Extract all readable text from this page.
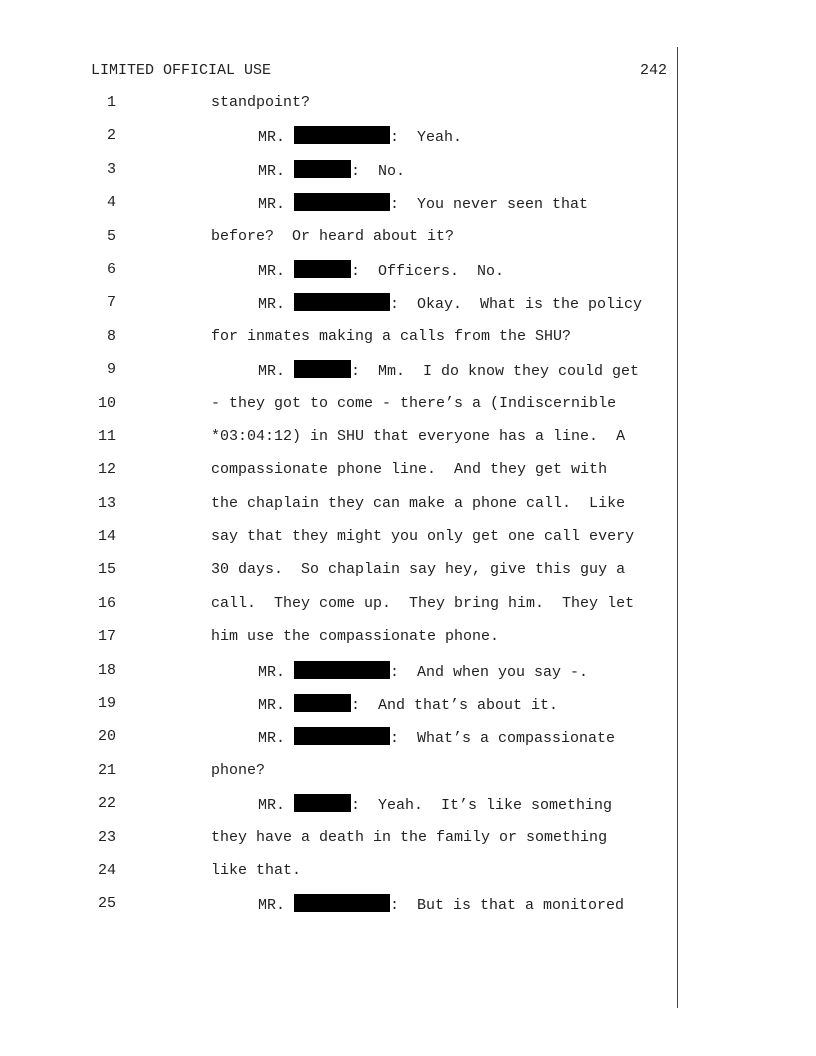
LIMITED OFFICIAL USE	242
1	standpoint?
2	MR.	:  Yeah.
3	MR.	:  No.
4	MR.	:  You never seen that
5	before?  Or heard about it?
6	MR.	:  Officers.  No.
7	MR.	:  Okay.  What is the policy
8	for inmates making a calls from the SHU?
9	MR.	:  Mm.  I do know they could get
10	- they got to come - there’s a (Indiscernible
11	*03:04:12) in SHU that everyone has a line.  A
12	compassionate phone line.  And they get with
13	the chaplain they can make a phone call.  Like
14	say that they might you only get one call every
15	30 days.  So chaplain say hey, give this guy a
16	call.  They come up.  They bring him.  They let
17	him use the compassionate phone.
18	MR.	:  And when you say -.
19	MR.	:  And that’s about it.
20	MR.	:  What’s a compassionate
21	phone?
22	MR.	:  Yeah.  It’s like something
23	they have a death in the family or something
24	like that.
25	MR.	:  But is that a monitored
